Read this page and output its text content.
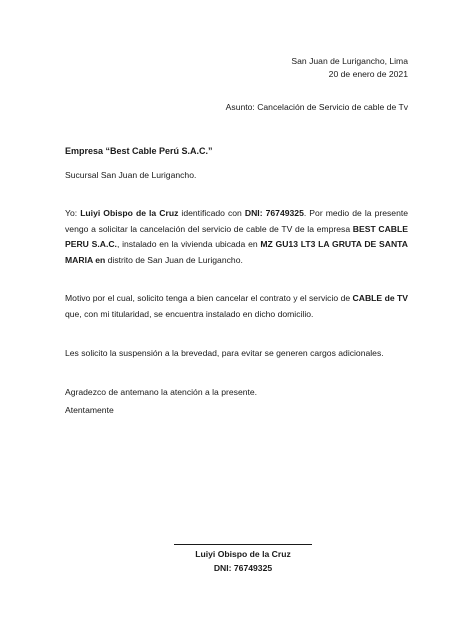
San Juan de Lurigancho, Lima
20 de enero de 2021
Asunto: Cancelación de Servicio de cable de Tv
Empresa “Best Cable Perú S.A.C.”
Sucursal San Juan de Lurigancho.
Yo: Luiyi Obispo de la Cruz identificado con DNI: 76749325. Por medio de la presente vengo a solicitar la cancelación del servicio de cable de TV de la empresa BEST CABLE PERU S.A.C., instalado en la vivienda ubicada en MZ GU13 LT3 LA GRUTA DE SANTA MARIA en distrito de San Juan de Lurigancho.
Motivo por el cual, solicito tenga a bien cancelar el contrato y el servicio de CABLE de TV que, con mi titularidad, se encuentra instalado en dicho domicilio.
Les solicito la suspensión a la brevedad, para evitar se generen cargos adicionales.
Agradezco de antemano la atención a la presente.
Atentamente
Luiyi Obispo de la Cruz
DNI: 76749325
